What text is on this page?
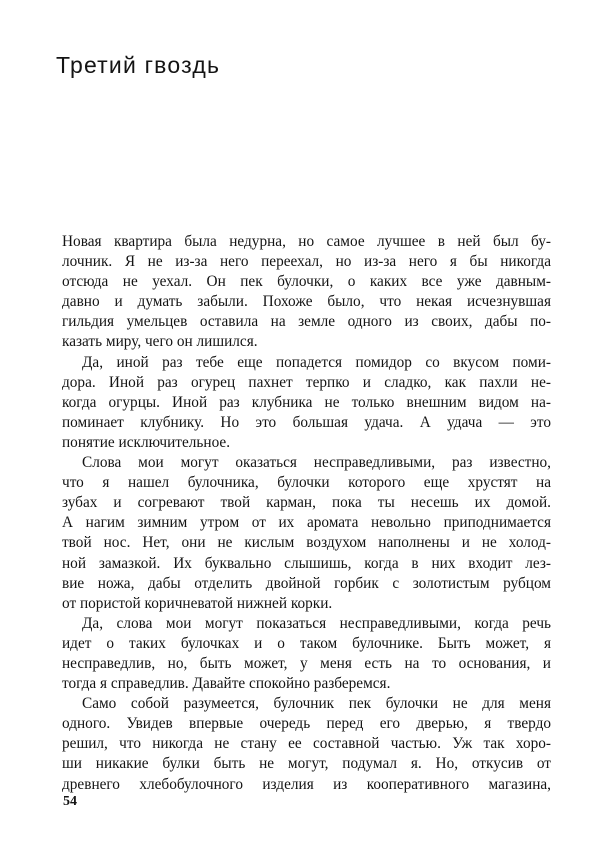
Третий гвоздь

Новая квартира была недурна, но самое лучшее в ней был бу-
лочник. Я не из-за него переехал, но из-за него я бы никогда
отсюда не уехал. Он пек булочки, о каких все уже давным-
давно и думать забыли. Похоже было, что некая исчезнувшая
гильдия умельцев оставила на земле одного из своих, дабы по-
казать миру, чего он лишился.

Да, иной раз тебе еще попадется помидор со вкусом поми-
дора. Иной раз огурец пахнет терпко и сладко, как пахли не-
когда огурцы. Иной раз клубника не только внешним видом на-
поминает клубнику. Но это большая удача. А удача — это
понятие исключительное.

Слова мои могут оказаться несправедливыми, раз известно,
что я нашел булочника, булочки которого еще хрустят на
зубах и согревают твой карман, пока ты несешь их домой.
А нагим зимним утром от их аромата невольно приподнимается
твой нос. Нет, они не кислым воздухом наполнены и не холод-
ной замазкой. Их буквально слышишь, когда в них входит лез-
вие ножа, дабы отделить двойной горбик с золотистым рубцом
от пористой коричневатой нижней корки.

Да, слова мои могут показаться несправедливыми, когда речь
идет о таких булочках и о таком булочнике. Быть может, я
несправедлив, но, быть может, у меня есть на то основания, и
тогда я справедлив. Давайте спокойно разберемся.

Само собой разумеется, булочник пек булочки не для меня
одного. Увидев впервые очередь перед его дверью, я твердо
решил, что никогда не стану ее составной частью. Уж так хоро-
ши никакие булки быть не могут, подумал я. Но, откусив от
древнего хлебобулочного изделия из кооперативного магазина,

54
